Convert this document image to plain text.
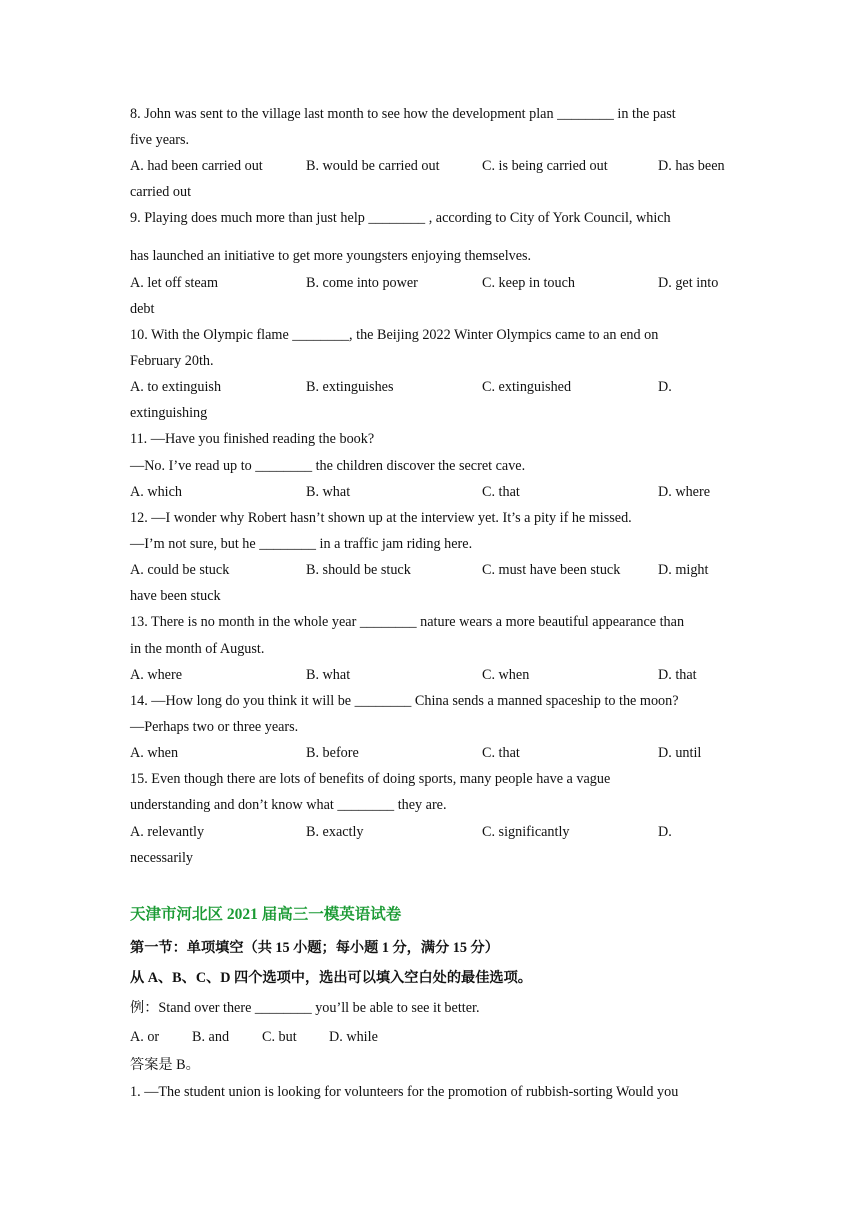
8. John was sent to the village last month to see how the development plan ________ in the past
five years.
A. had been carried out	B. would be carried out	C. is being carried out	D. has been
carried out
9. Playing does much more than just help ________ , according to City of York Council, which
has launched an initiative to get more youngsters enjoying themselves.
A. let off steam	B. come into power	C. keep in touch	D. get into
debt
10. With the Olympic flame ________, the Beijing 2022 Winter Olympics came to an end on
February 20th.
A. to extinguish	B. extinguishes	C. extinguished	D.
extinguishing
11. —Have you finished reading the book?
—No. I’ve read up to ________ the children discover the secret cave.
A. which	B. what	C. that	D. where
12. —I wonder why Robert hasn’t shown up at the interview yet. It’s a pity if he missed.
—I’m not sure, but he ________ in a traffic jam riding here.
A. could be stuck	B. should be stuck	C. must have been stuck	D. might
have been stuck
13. There is no month in the whole year ________ nature wears a more beautiful appearance than
in the month of August.
A. where	B. what	C. when	D. that
14. —How long do you think it will be ________ China sends a manned spaceship to the moon?
—Perhaps two or three years.
A. when	B. before	C. that	D. until
15. Even though there are lots of benefits of doing sports, many people have a vague
understanding and don’t know what ________ they are.
A. relevantly	B. exactly	C. significantly	D.
necessarily
天津市河北区 2021 届高三一模英语试卷
第一节：单项填空（共 15 小题；每小题 1 分，满分 15 分）
从 A、B、C、D 四个选项中，选出可以填入空白处的最佳选项。
例：Stand over there ________ you’ll be able to see it better.
A. or B. and C. but D. while
答案是 B。
1. —The student union is looking for volunteers for the promotion of rubbish-sorting Would you
